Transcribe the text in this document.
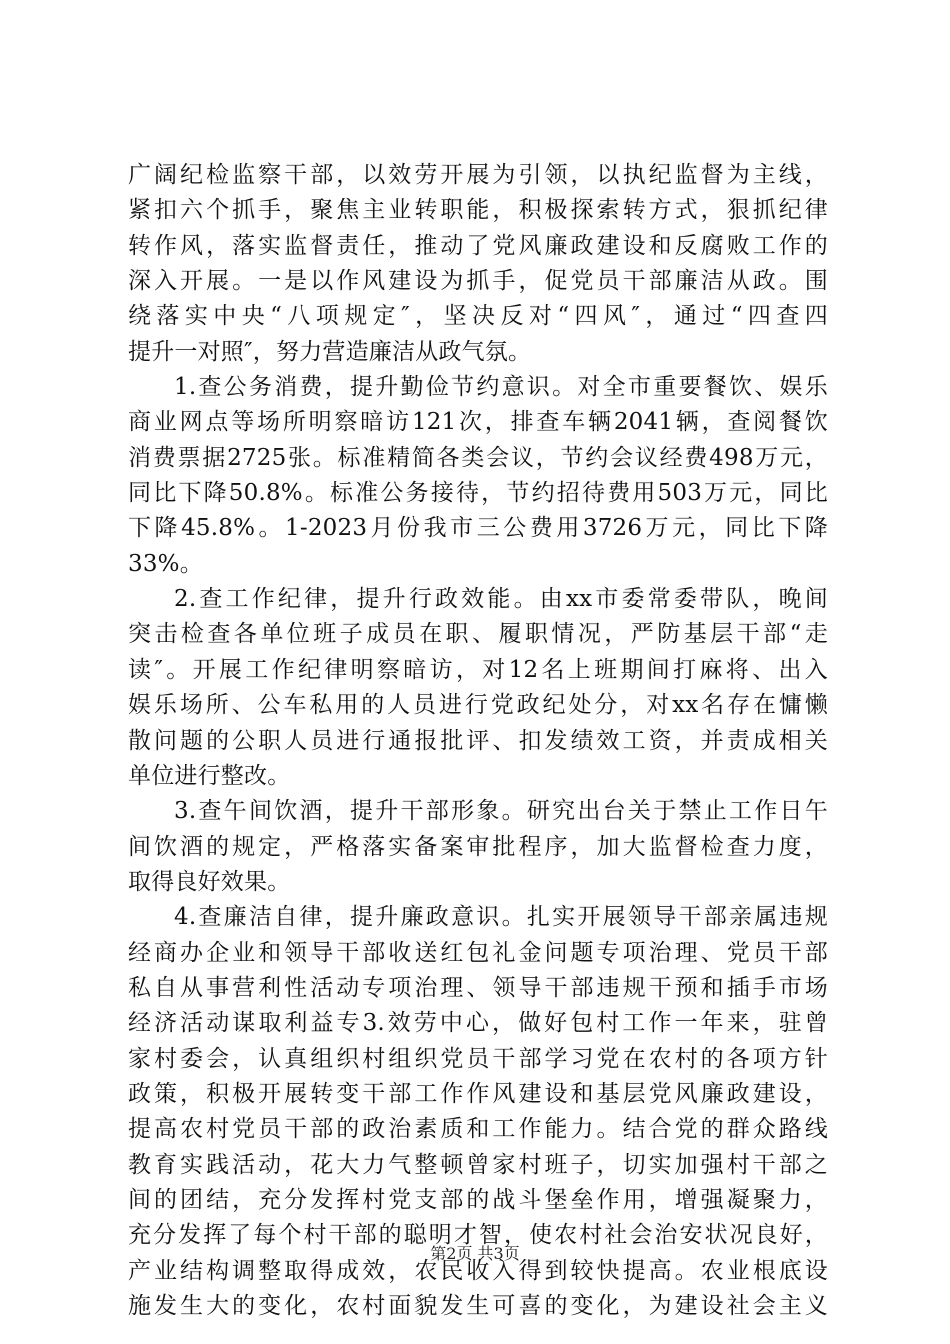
广阔纪检监察干部，以效劳开展为引领，以执纪监督为主线，
紧扣六个抓手，聚焦主业转职能，积极探索转方式，狠抓纪律
转作风，落实监督责任，推动了党风廉政建设和反腐败工作的
深入开展。一是以作风建设为抓手，促党员干部廉洁从政。围
绕落实中央“八项规定″，坚决反对“四风″，通过“四查四
提升一对照″，努力营造廉洁从政气氛。
1.查公务消费，提升勤俭节约意识。对全市重要餐饮、娱乐
商业网点等场所明察暗访121次，排查车辆2041辆，查阅餐饮
消费票据2725张。标准精简各类会议，节约会议经费498万元，
同比下降50.8%。标准公务接待，节约招待费用503万元，同比
下降45.8%。1-2023月份我市三公费用3726万元，同比下降
33%。
2.查工作纪律，提升行政效能。由xx市委常委带队，晚间
突击检查各单位班子成员在职、履职情况，严防基层干部“走
读″。开展工作纪律明察暗访，对12名上班期间打麻将、出入
娱乐场所、公车私用的人员进行党政纪处分，对xx名存在慵懒
散问题的公职人员进行通报批评、扣发绩效工资，并责成相关
单位进行整改。
3.查午间饮酒，提升干部形象。研究出台关于禁止工作日午
间饮酒的规定，严格落实备案审批程序，加大监督检查力度，
取得良好效果。
4.查廉洁自律，提升廉政意识。扎实开展领导干部亲属违规
经商办企业和领导干部收送红包礼金问题专项治理、党员干部
私自从事营利性活动专项治理、领导干部违规干预和插手市场
经济活动谋取利益专3.效劳中心，做好包村工作一年来，驻曾
家村委会，认真组织村组织党员干部学习党在农村的各项方针
政策，积极开展转变干部工作作风建设和基层党风廉政建设，
提高农村党员干部的政治素质和工作能力。结合党的群众路线
教育实践活动，花大力气整顿曾家村班子，切实加强村干部之
间的团结，充分发挥村党支部的战斗堡垒作用，增强凝聚力，
充分发挥了每个村干部的聪明才智，使农村社会治安状况良好，
产业结构调整取得成效，农民收入得到较快提高。农业根底设
施发生大的变化，农村面貌发生可喜的变化，为建设社会主义
第2页 共3页
